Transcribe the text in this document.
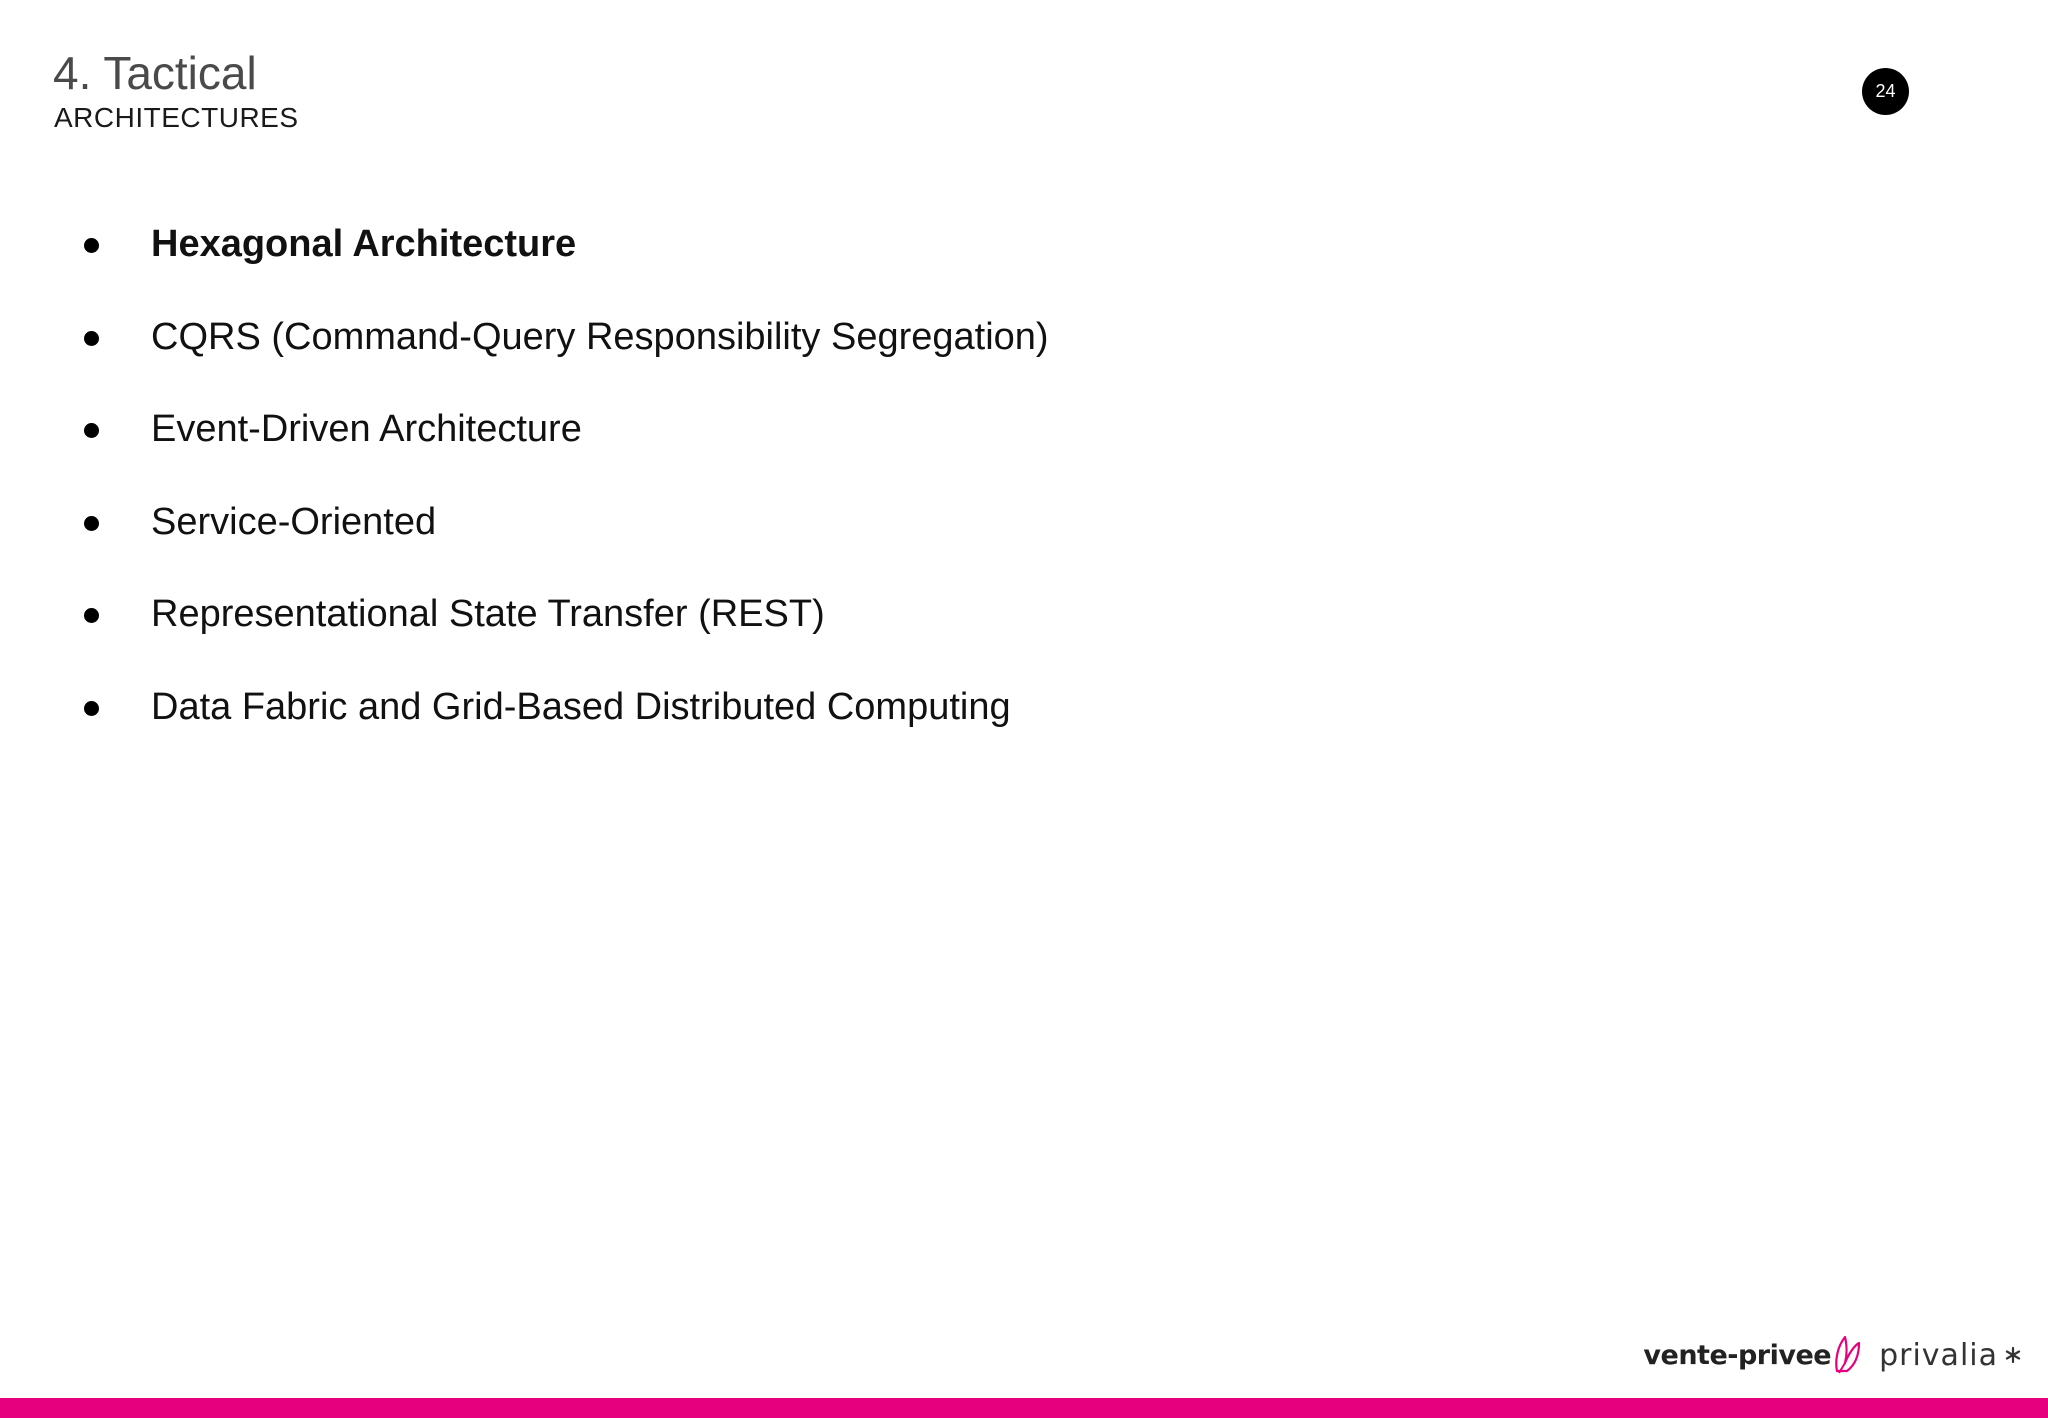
4. Tactical
ARCHITECTURES
24
Hexagonal Architecture
CQRS (Command-Query Responsibility Segregation)
Event-Driven Architecture
Service-Oriented
Representational State Transfer (REST)
Data Fabric and Grid-Based Distributed Computing
vente-privee privalia
